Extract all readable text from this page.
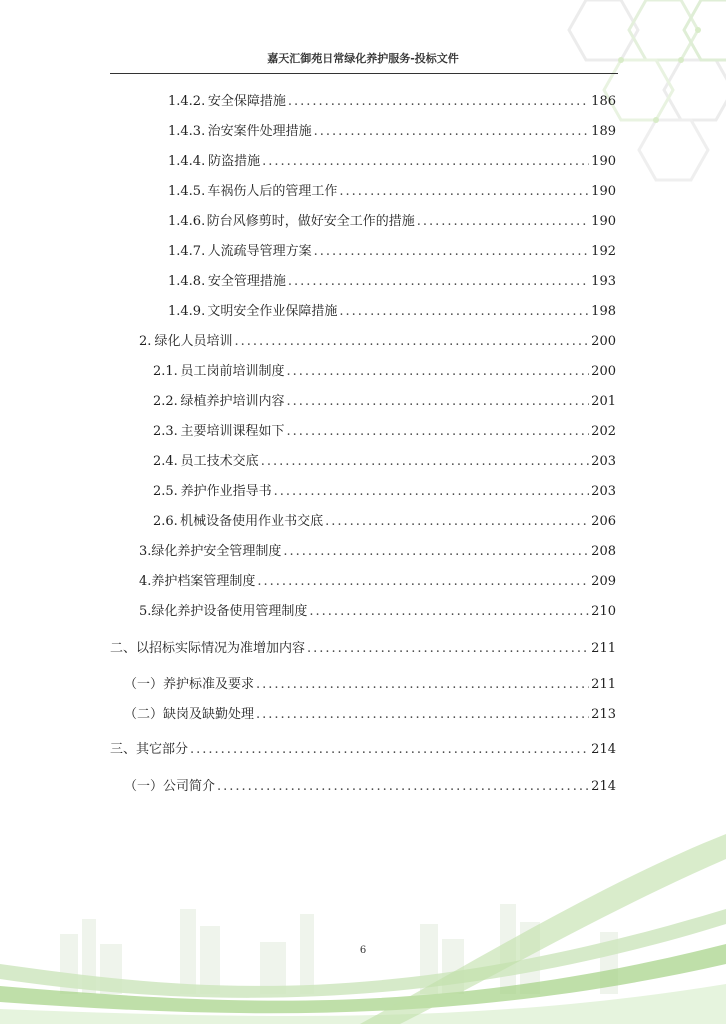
嘉天汇御苑日常绿化养护服务-投标文件
1.4.2. 安全保障措施 .....	186
1.4.3. 治安案件处理措施 .....	189
1.4.4. 防盗措施 .....	190
1.4.5. 车祸伤人后的管理工作 .....	190
1.4.6. 防台风修剪时，做好安全工作的措施 .....	190
1.4.7. 人流疏导管理方案 .....	192
1.4.8. 安全管理措施 .....	193
1.4.9. 文明安全作业保障措施 .....	198
2. 绿化人员培训 .....	200
2.1. 员工岗前培训制度 .....	200
2.2. 绿植养护培训内容 .....	201
2.3. 主要培训课程如下 .....	202
2.4. 员工技术交底 .....	203
2.5. 养护作业指导书 .....	203
2.6. 机械设备使用作业书交底 .....	206
3.绿化养护安全管理制度 .....	208
4.养护档案管理制度 .....	209
5.绿化养护设备使用管理制度 .....	210
二、以招标实际情况为准增加内容 .....	211
（一）养护标准及要求 .....	211
（二）缺岗及缺勤处理 .....	213
三、其它部分 .....	214
（一）公司简介 .....	214
6
